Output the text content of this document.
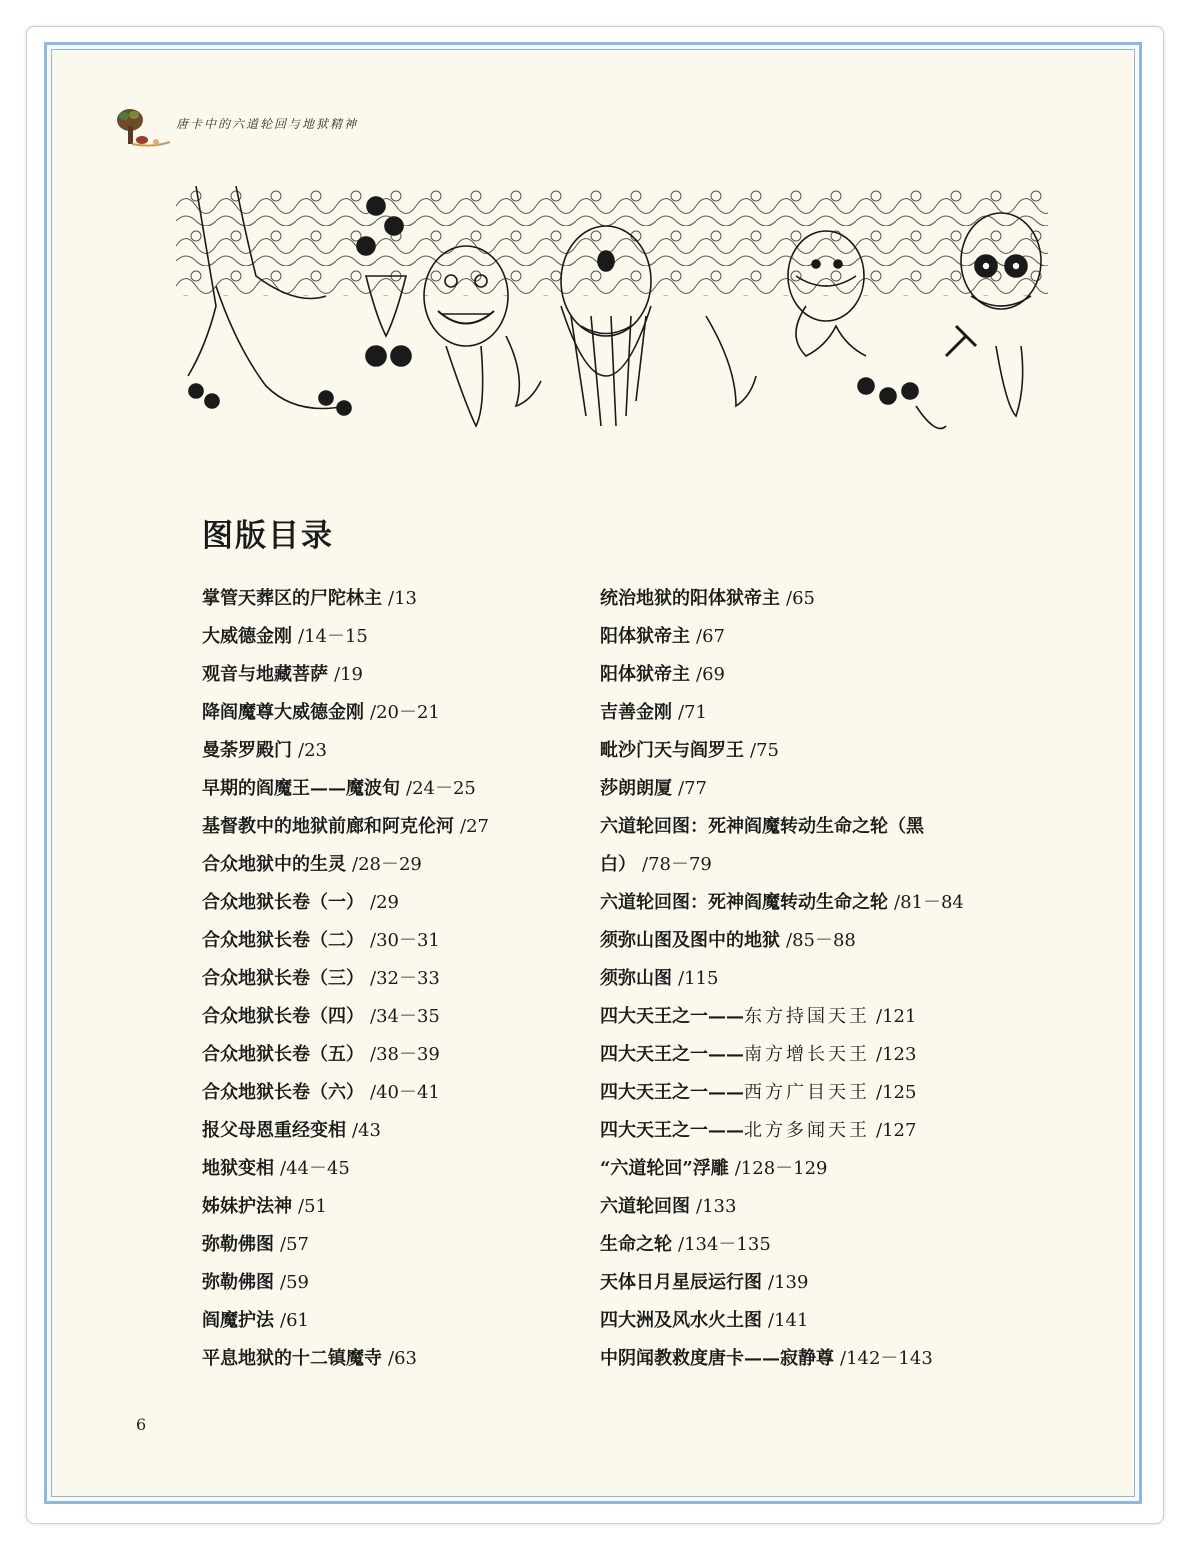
唐卡中的六道轮回与地狱精神
图版目录
掌管天葬区的尸陀林主 /13
大威德金刚 /14－15
观音与地藏菩萨 /19
降阎魔尊大威德金刚 /20－21
曼荼罗殿门 /23
早期的阎魔王——魔波旬 /24－25
基督教中的地狱前廊和阿克伦河 /27
合众地狱中的生灵 /28－29
合众地狱长卷（一） /29
合众地狱长卷（二） /30－31
合众地狱长卷（三） /32－33
合众地狱长卷（四） /34－35
合众地狱长卷（五） /38－39
合众地狱长卷（六） /40－41
报父母恩重经变相 /43
地狱变相 /44－45
姊妹护法神 /51
弥勒佛图 /57
弥勒佛图 /59
阎魔护法 /61
平息地狱的十二镇魔寺 /63
统治地狱的阳体狱帝主 /65
阳体狱帝主 /67
阳体狱帝主 /69
吉善金刚 /71
毗沙门天与阎罗王 /75
莎朗朗厦 /77
六道轮回图：死神阎魔转动生命之轮（黑
白） /78－79
六道轮回图：死神阎魔转动生命之轮 /81－84
须弥山图及图中的地狱 /85－88
须弥山图 /115
四大天王之一——东方持国天王 /121
四大天王之一——南方增长天王 /123
四大天王之一——西方广目天王 /125
四大天王之一——北方多闻天王 /127
“六道轮回”浮雕 /128－129
六道轮回图 /133
生命之轮 /134－135
天体日月星辰运行图 /139
四大洲及风水火土图 /141
中阴闻教救度唐卡——寂静尊 /142－143
6
